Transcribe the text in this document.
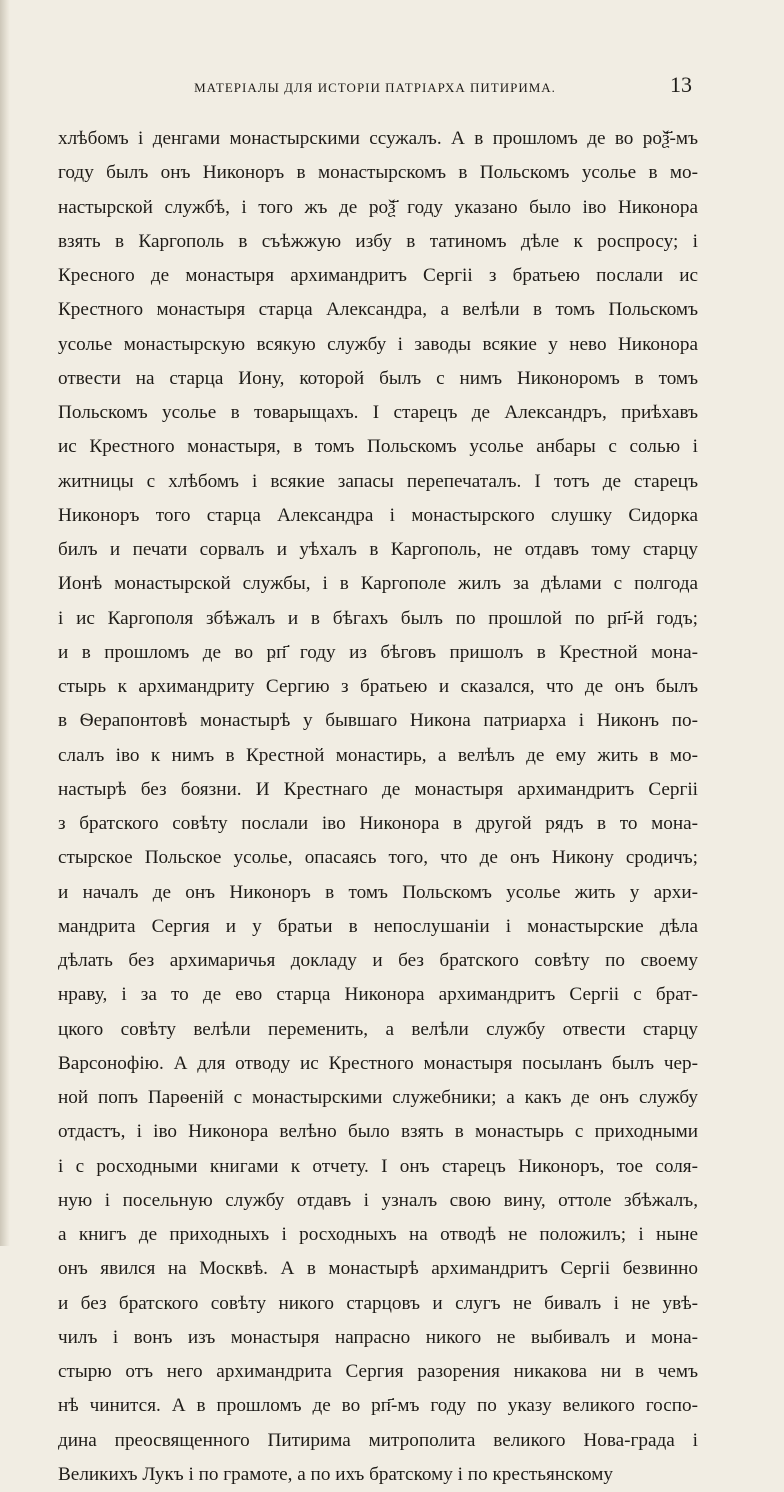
МАТЕРІАЛЫ ДЛЯ ИСТОРІИ ПАТРІАРХА ПИТИРИМА.	13
хлѣбомъ і денгами монастырскими ссужалъ. А в прошломъ де во ҏоѯ҃-мъ
году былъ онъ Никоноръ в монастырскомъ в Польскомъ усолье в мо-
настырской службѣ, і того жъ де ҏоѯ҃ году указано было іво Никонора
взять в Каргополь в съѣжжую избу в татиномъ дѣле к роспросу; і
Кресного де монастыря архимандритъ Сергіі з братьею послали ис
Крестного монастыря старца Александра, а велѣли в томъ Польскомъ
усолье монастырскую всякую службу і заводы всякие у нево Никонора
отвести на старца Иону, которой былъ с нимъ Никоноромъ в томъ
Польскомъ усолье в товарыщахъ. І старецъ де Александръ, приѣхавъ
ис Крестного монастыря, в томъ Польскомъ усолье анбары с солью і
житницы с хлѣбомъ і всякие запасы перепечаталъ. І тотъ де старецъ
Никоноръ того старца Александра і монастырского слушку Сидорка
билъ и печати сорвалъ и уѣхалъ в Каргополь, не отдавъ тому старцу
Ионѣ монастырской службы, і в Каргополе жилъ за дѣлами с полгода
і ис Каргополя збѣжалъ и в бѣгахъ былъ по прошлой по ҏп҃-й годъ;
и в прошломъ де во ҏп҃ году из бѣговъ пришолъ в Крестной мона-
стырь к архимандриту Сергию з братьею и сказался, что де онъ былъ
в Ѳерапонтовѣ монастырѣ у бывшаго Никона патриарха і Никонъ по-
слалъ іво к нимъ в Крестной монастирь, а велѣлъ де ему жить в мо-
настырѣ без боязни. И Крестнаго де монастыря архимандритъ Сергіі
з братского совѣту послали іво Никонора в другой рядъ в то мона-
стырское Польское усолье, опасаясь того, что де онъ Никону сродичъ;
и началъ де онъ Никоноръ в томъ Польскомъ усолье жить у архи-
мандрита Сергия и у братьи в непослушаніи і монастырские дѣла
дѣлать без архимаричья докладу и без братского совѣту по своему
нраву, і за то де ево старца Никонора архимандритъ Сергіі с брат-
цкого совѣту велѣли переменить, а велѣли службу отвести старцу
Варсонофію. А для отводу ис Крестного монастыря посыланъ былъ чер-
ной попъ Парѳеній с монастырскими служебники; а какъ де онъ службу
отдастъ, і іво Никонора велѣно было взять в монастырь с приходными
і с росходными книгами к отчету. І онъ старецъ Никоноръ, тое соля-
ную і посельную службу отдавъ і узналъ свою вину, оттоле збѣжалъ,
а книгъ де приходныхъ і росходныхъ на отводѣ не положилъ; і ныне
онъ явился на Москвѣ. А в монастырѣ архимандритъ Сергіі безвинно
и без братского совѣту никого старцовъ и слугъ не бивалъ і не увѣ-
чилъ і вонъ изъ монастыря напрасно никого не выбивалъ и мона-
стырю отъ него архимандрита Сергия разорения никакова ни в чемъ
нѣ чинится. А в прошломъ де во ҏп҃-мъ году по указу великого госпо-
дина преосвященного Питирима митрополита великого Нова-града і
Великихъ Лукъ і по грамоте, а по ихъ братскому і по крестьянскому
